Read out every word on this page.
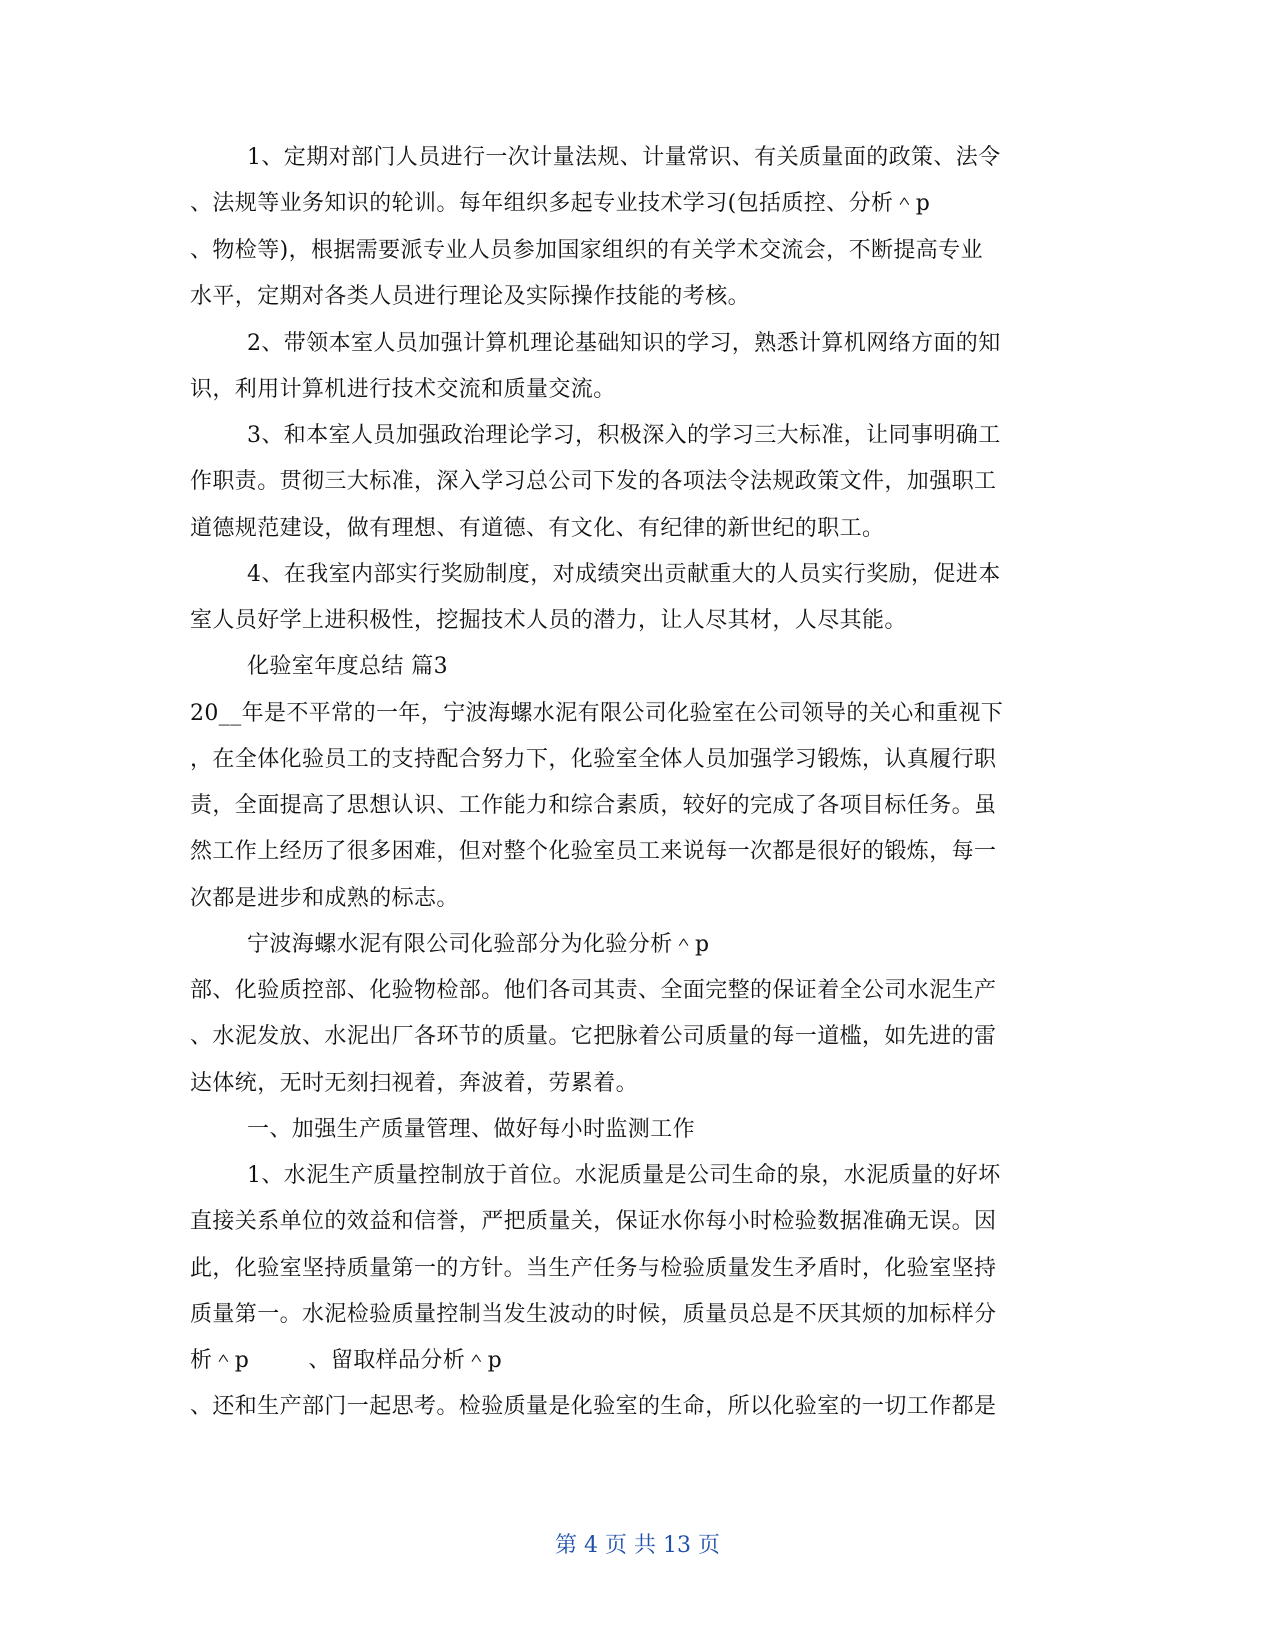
1、定期对部门人员进行一次计量法规、计量常识、有关质量面的政策、法令
、法规等业务知识的轮训。每年组织多起专业技术学习(包括质控、分析＾p
、物检等)，根据需要派专业人员参加国家组织的有关学术交流会，不断提高专业
水平，定期对各类人员进行理论及实际操作技能的考核。
2、带领本室人员加强计算机理论基础知识的学习，熟悉计算机网络方面的知
识，利用计算机进行技术交流和质量交流。
3、和本室人员加强政治理论学习，积极深入的学习三大标准，让同事明确工
作职责。贯彻三大标准，深入学习总公司下发的各项法令法规政策文件，加强职工
道德规范建设，做有理想、有道德、有文化、有纪律的新世纪的职工。
4、在我室内部实行奖励制度，对成绩突出贡献重大的人员实行奖励，促进本
室人员好学上进积极性，挖掘技术人员的潜力，让人尽其材，人尽其能。
化验室年度总结 篇3
20__年是不平常的一年，宁波海螺水泥有限公司化验室在公司领导的关心和重视下
，在全体化验员工的支持配合努力下，化验室全体人员加强学习锻炼，认真履行职
责，全面提高了思想认识、工作能力和综合素质，较好的完成了各项目标任务。虽
然工作上经历了很多困难，但对整个化验室员工来说每一次都是很好的锻炼，每一
次都是进步和成熟的标志。
宁波海螺水泥有限公司化验部分为化验分析＾p
部、化验质控部、化验物检部。他们各司其责、全面完整的保证着全公司水泥生产
、水泥发放、水泥出厂各环节的质量。它把脉着公司质量的每一道槛，如先进的雷
达体统，无时无刻扫视着，奔波着，劳累着。
一、加强生产质量管理、做好每小时监测工作
1、水泥生产质量控制放于首位。水泥质量是公司生命的泉，水泥质量的好坏
直接关系单位的效益和信誉，严把质量关，保证水你每小时检验数据准确无误。因
此，化验室坚持质量第一的方针。当生产任务与检验质量发生矛盾时，化验室坚持
质量第一。水泥检验质量控制当发生波动的时候，质量员总是不厌其烦的加标样分
析＾p        、留取样品分析＾p
、还和生产部门一起思考。检验质量是化验室的生命，所以化验室的一切工作都是
第 4 页 共 13 页
